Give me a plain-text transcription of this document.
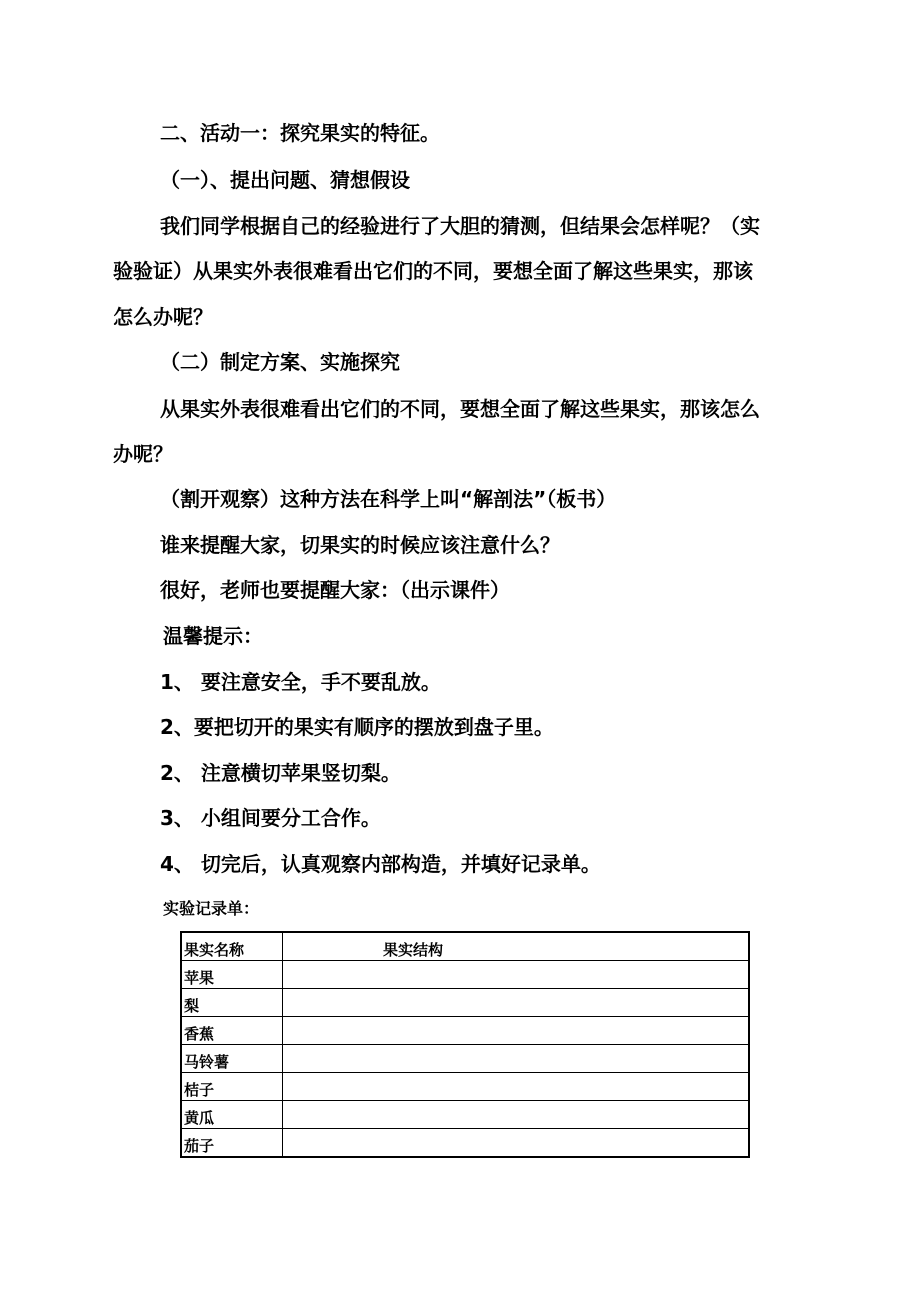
二、活动一：探究果实的特征。

（一）、提出问题、猜想假设

我们同学根据自己的经验进行了大胆的猜测，但结果会怎样呢？（实

验验证）从果实外表很难看出它们的不同，要想全面了解这些果实，那该

怎么办呢？

（二）制定方案、实施探究

从果实外表很难看出它们的不同，要想全面了解这些果实，那该怎么

办呢？

（割开观察）这种方法在科学上叫“解剖法”（板书）

谁来提醒大家，切果实的时候应该注意什么？

很好，老师也要提醒大家：（出示课件）

温馨提示：

1、 要注意安全，手不要乱放。

2、要把切开的果实有顺序的摆放到盘子里。

2、 注意横切苹果竖切梨。

3、 小组间要分工合作。

4、 切完后，认真观察内部构造，并填好记录单。

实验记录单：

果实名称	果实结构
苹果	
梨	
香蕉	
马铃薯	
桔子	
黄瓜	
茄子	
